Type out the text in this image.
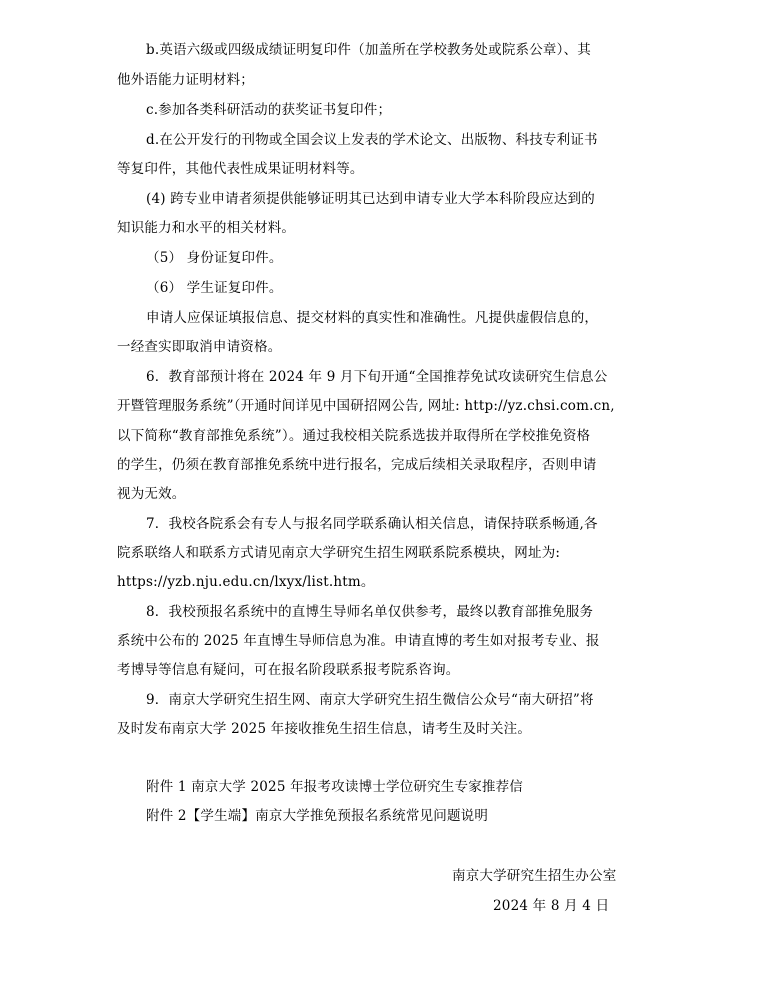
b.英语六级或四级成绩证明复印件（加盖所在学校教务处或院系公章）、其
他外语能力证明材料；
c.参加各类科研活动的获奖证书复印件；
d.在公开发行的刊物或全国会议上发表的学术论文、出版物、科技专利证书
等复印件，其他代表性成果证明材料等。
(4) 跨专业申请者须提供能够证明其已达到申请专业大学本科阶段应达到的
知识能力和水平的相关材料。
（5） 身份证复印件。
（6） 学生证复印件。
申请人应保证填报信息、提交材料的真实性和准确性。凡提供虚假信息的，
一经查实即取消申请资格。
6．教育部预计将在 2024 年 9 月下旬开通“全国推荐免试攻读研究生信息公
开暨管理服务系统”（开通时间详见中国研招网公告, 网址: http://yz.chsi.com.cn,
以下简称“教育部推免系统”）。通过我校相关院系选拔并取得所在学校推免资格
的学生，仍须在教育部推免系统中进行报名，完成后续相关录取程序，否则申请
视为无效。
7．我校各院系会有专人与报名同学联系确认相关信息，请保持联系畅通,各
院系联络人和联系方式请见南京大学研究生招生网联系院系模块，网址为:
https://yzb.nju.edu.cn/lxyx/list.htm。
8．我校预报名系统中的直博生导师名单仅供参考，最终以教育部推免服务
系统中公布的 2025 年直博生导师信息为准。申请直博的考生如对报考专业、报
考博导等信息有疑问，可在报名阶段联系报考院系咨询。
9．南京大学研究生招生网、南京大学研究生招生微信公众号“南大研招”将
及时发布南京大学 2025 年接收推免生招生信息，请考生及时关注。
附件 1 南京大学 2025 年报考攻读博士学位研究生专家推荐信
附件 2【学生端】南京大学推免预报名系统常见问题说明
南京大学研究生招生办公室
2024 年 8 月 4 日
